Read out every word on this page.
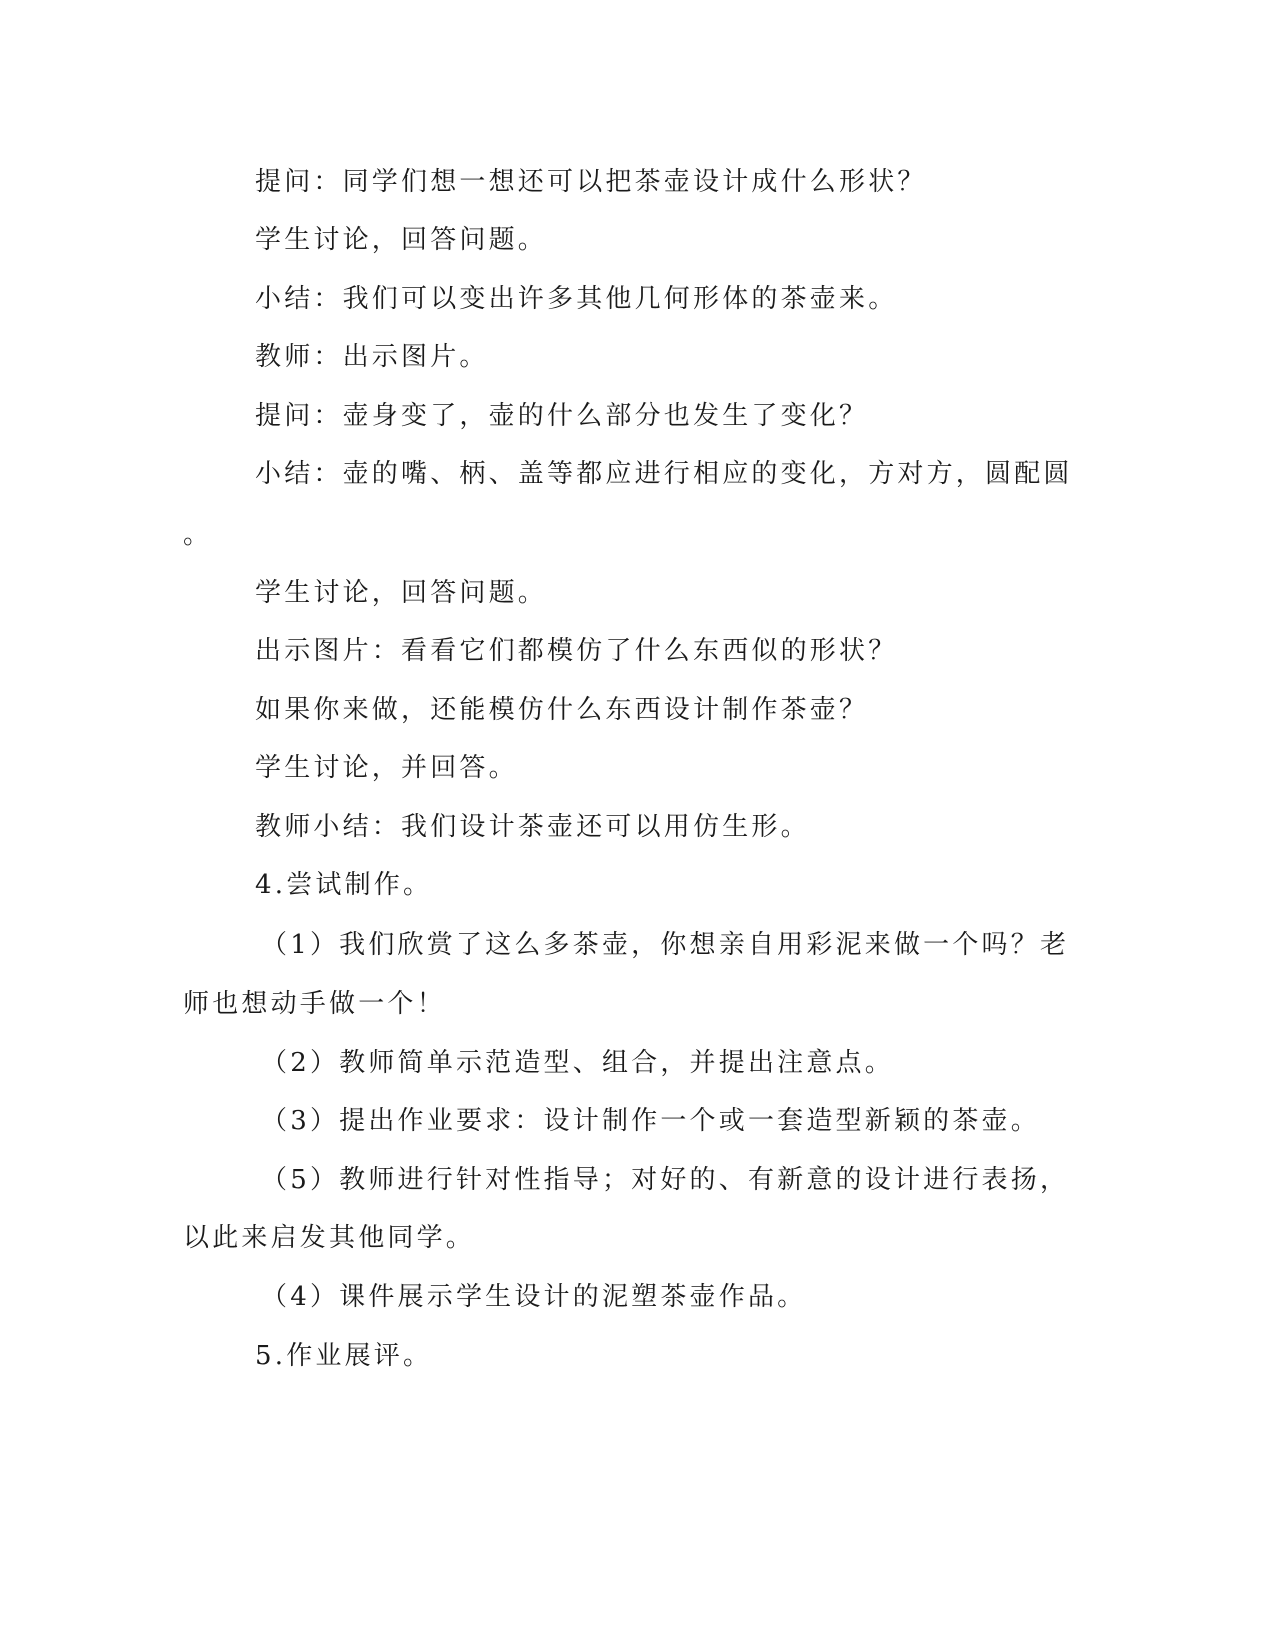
提问：同学们想一想还可以把茶壶设计成什么形状？
学生讨论，回答问题。
小结：我们可以变出许多其他几何形体的茶壶来。
教师：出示图片。
提问：壶身变了，壶的什么部分也发生了变化？
小结：壶的嘴、柄、盖等都应进行相应的变化，方对方，圆配圆
。
学生讨论，回答问题。
出示图片：看看它们都模仿了什么东西似的形状？
如果你来做，还能模仿什么东西设计制作茶壶？
学生讨论，并回答。
教师小结：我们设计茶壶还可以用仿生形。
4.尝试制作。
（1）我们欣赏了这么多茶壶，你想亲自用彩泥来做一个吗？老
师也想动手做一个！
（2）教师简单示范造型、组合，并提出注意点。
（3）提出作业要求：设计制作一个或一套造型新颖的茶壶。
（5）教师进行针对性指导；对好的、有新意的设计进行表扬，
以此来启发其他同学。
（4）课件展示学生设计的泥塑茶壶作品。
5.作业展评。
